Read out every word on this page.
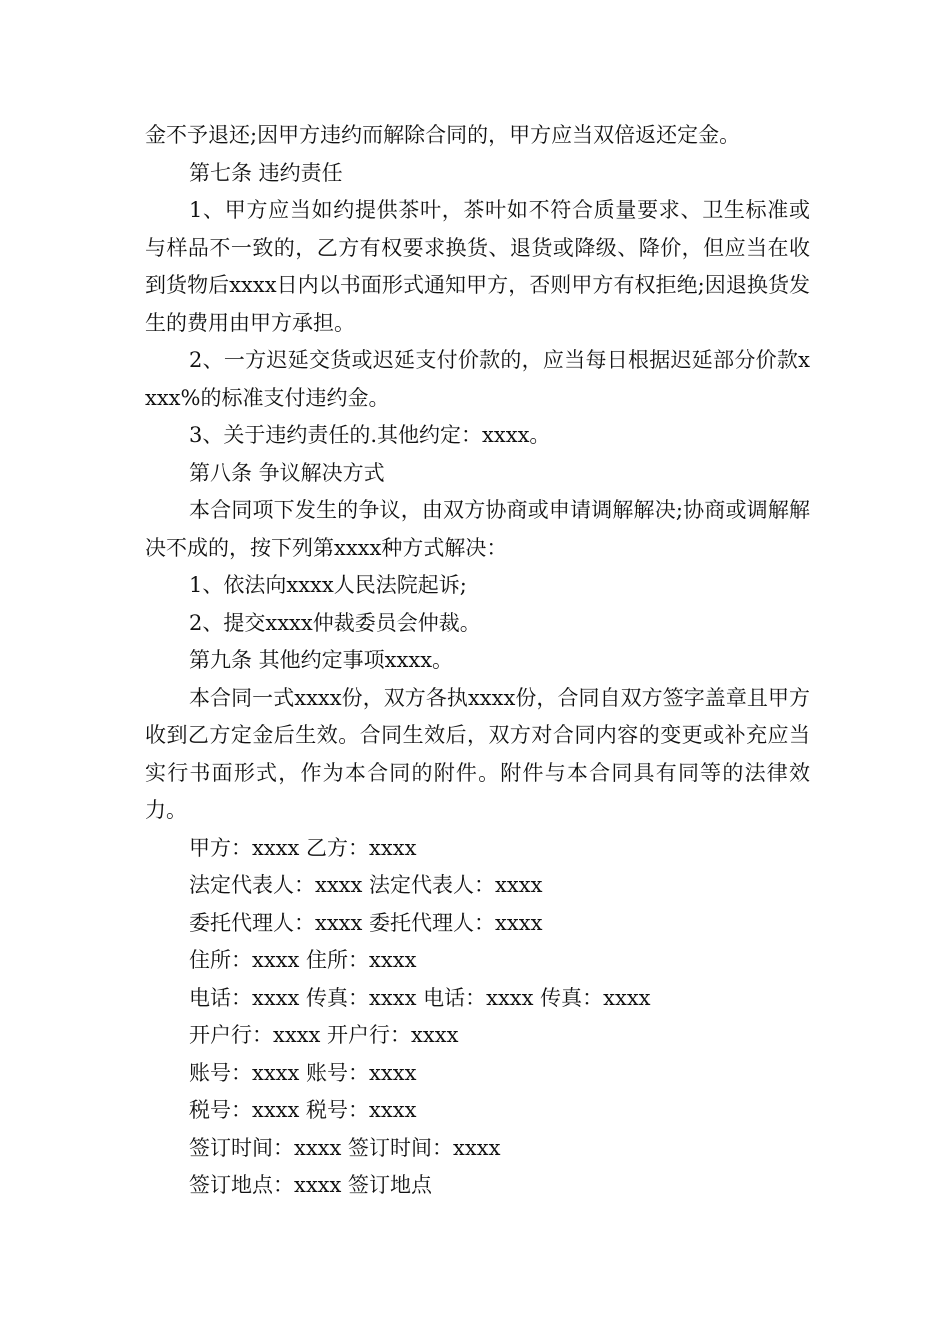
金不予退还;因甲方违约而解除合同的，甲方应当双倍返还定金。

第七条 违约责任

1、甲方应当如约提供茶叶，茶叶如不符合质量要求、卫生标准或与样品不一致的，乙方有权要求换货、退货或降级、降价，但应当在收到货物后xxxx日内以书面形式通知甲方，否则甲方有权拒绝;因退换货发生的费用由甲方承担。

2、一方迟延交货或迟延支付价款的，应当每日根据迟延部分价款xxxx%的标准支付违约金。

3、关于违约责任的.其他约定：xxxx。

第八条 争议解决方式

本合同项下发生的争议，由双方协商或申请调解解决;协商或调解解决不成的，按下列第xxxx种方式解决：

1、依法向xxxx人民法院起诉;

2、提交xxxx仲裁委员会仲裁。

第九条 其他约定事项xxxx。

本合同一式xxxx份，双方各执xxxx份，合同自双方签字盖章且甲方收到乙方定金后生效。合同生效后，双方对合同内容的变更或补充应当实行书面形式，作为本合同的附件。附件与本合同具有同等的法律效力。

甲方：xxxx 乙方：xxxx

法定代表人：xxxx 法定代表人：xxxx

委托代理人：xxxx 委托代理人：xxxx

住所：xxxx 住所：xxxx

电话：xxxx 传真：xxxx 电话：xxxx 传真：xxxx

开户行：xxxx 开户行：xxxx

账号：xxxx 账号：xxxx

税号：xxxx 税号：xxxx

签订时间：xxxx 签订时间：xxxx

签订地点：xxxx 签订地点
